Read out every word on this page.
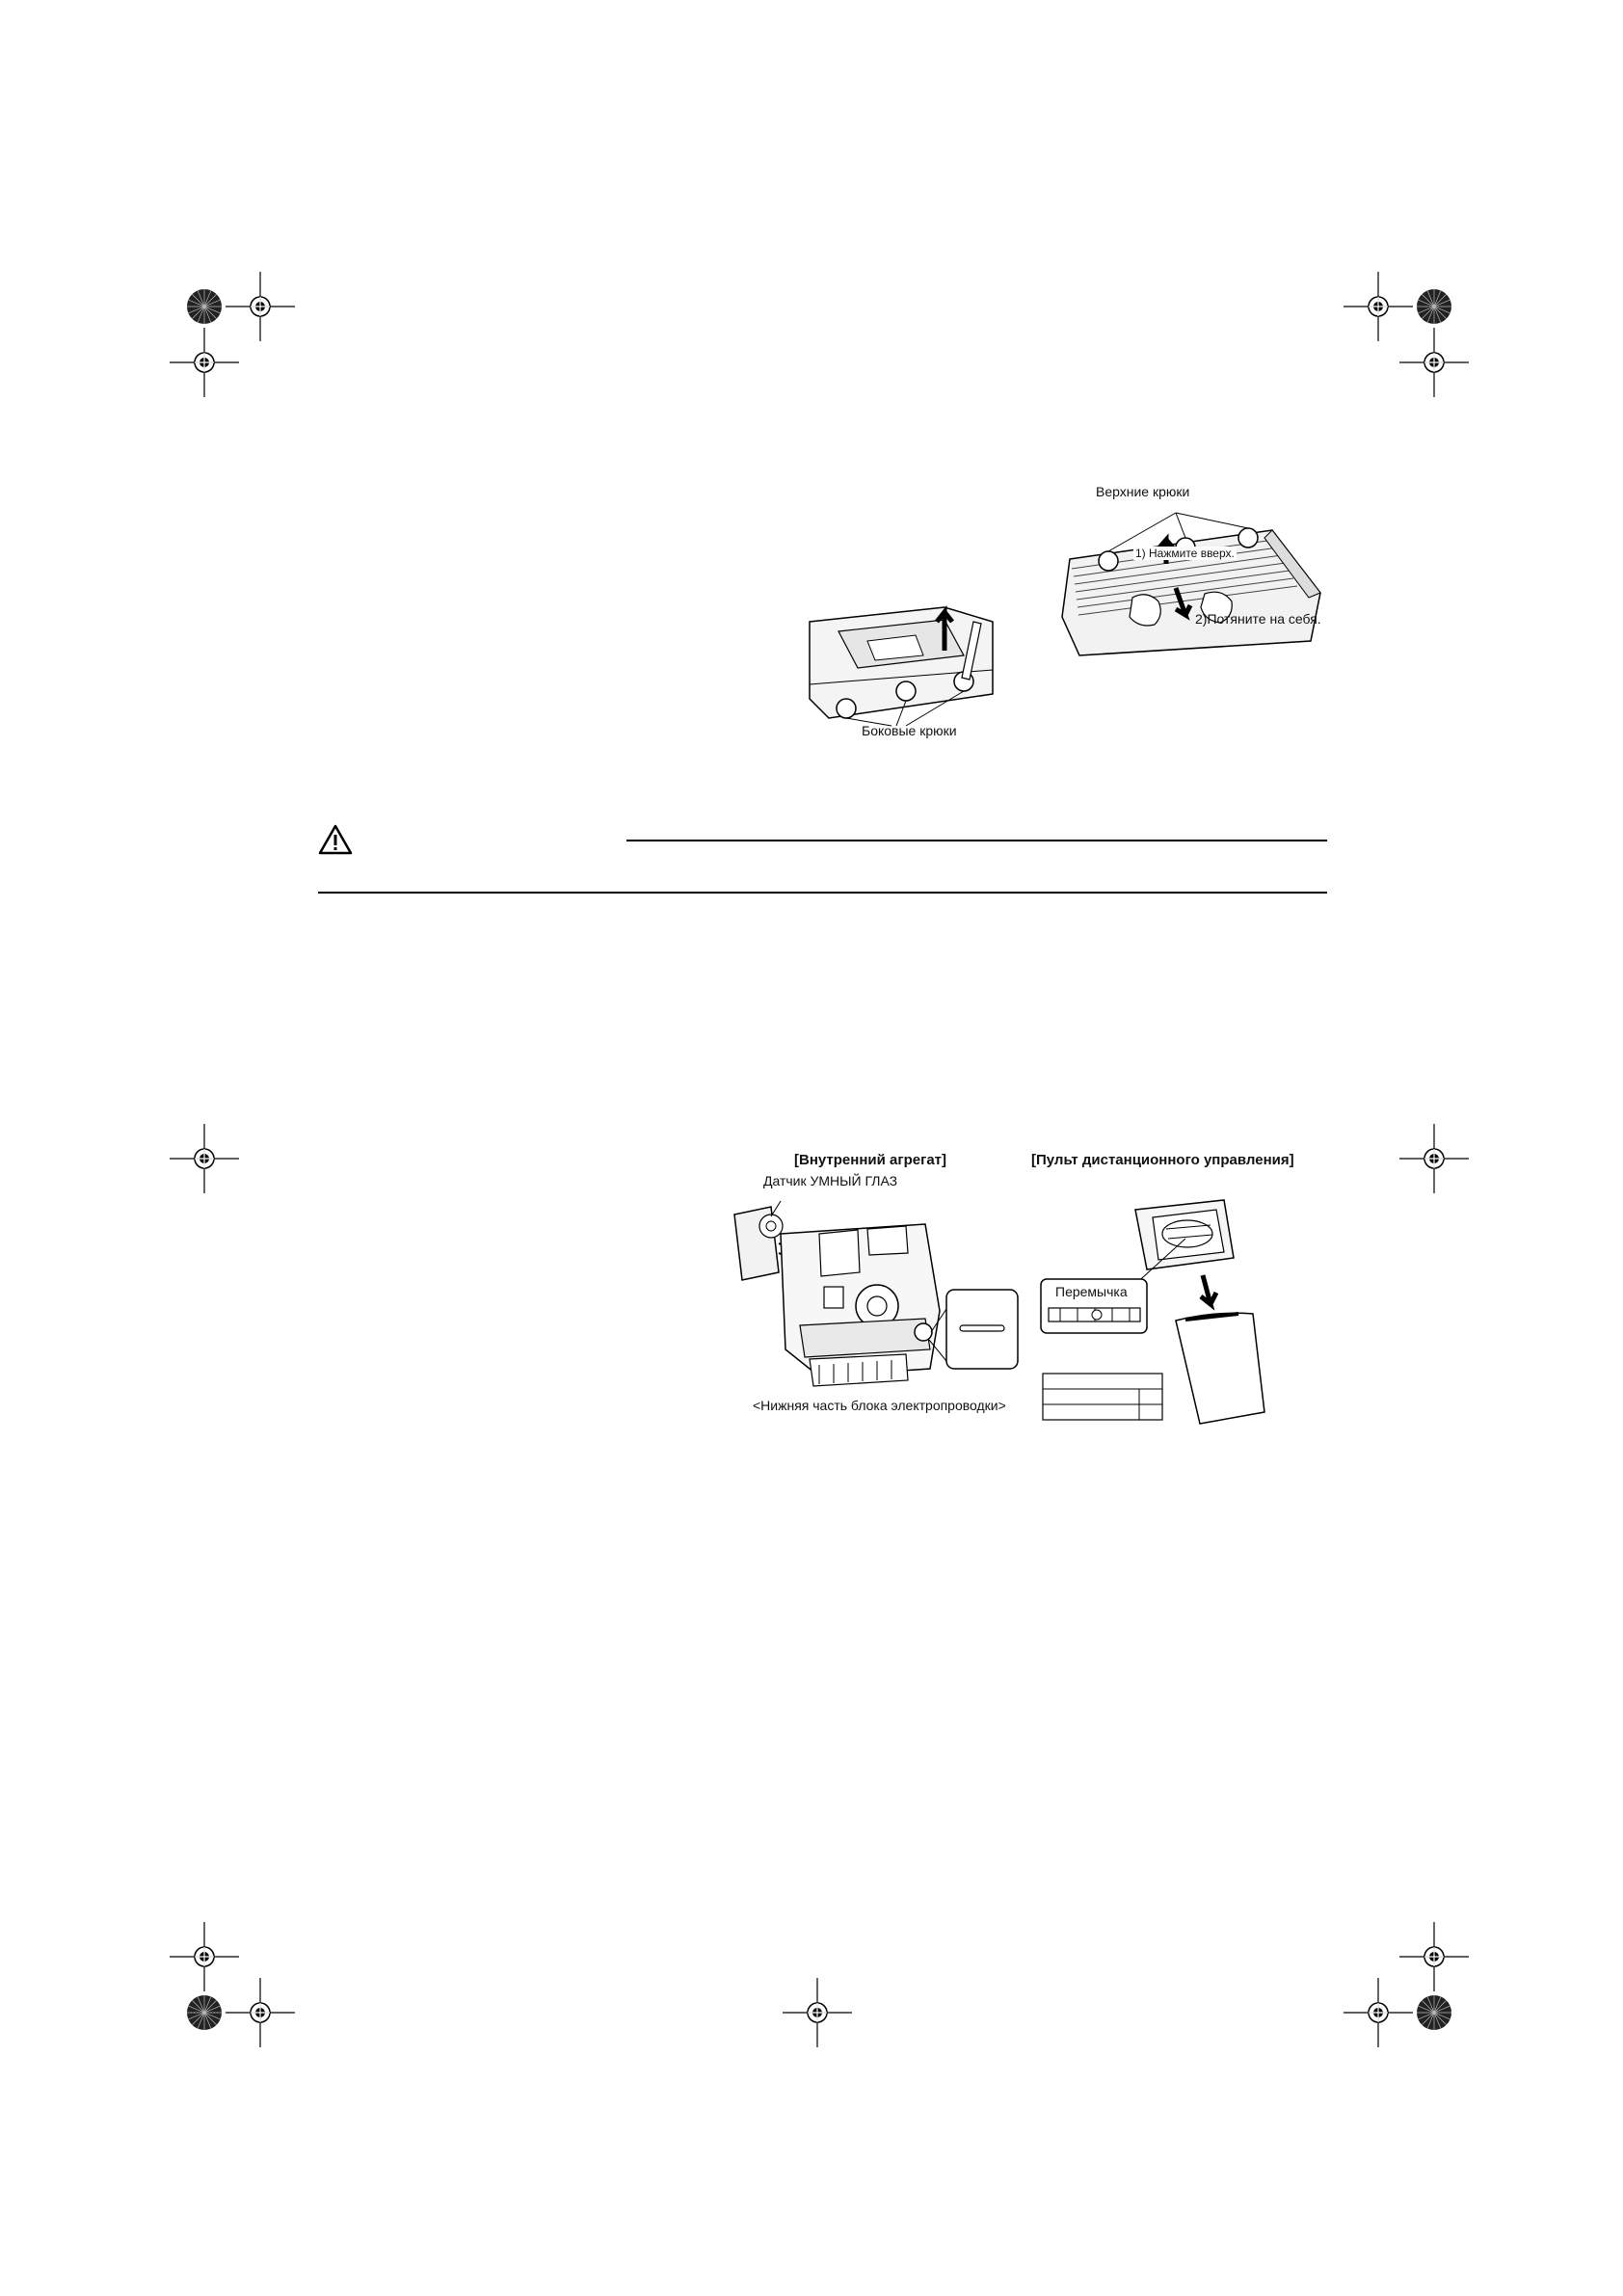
Верхние крюки
1) Нажмите вверх.
2)Потяните на себя.
Боковые крюки
[Внутренний агрегат]
Датчик УМНЫЙ ГЛАЗ
<Нижняя часть блока электропроводки>
[Пульт дистанционного управления]
Перемычка
